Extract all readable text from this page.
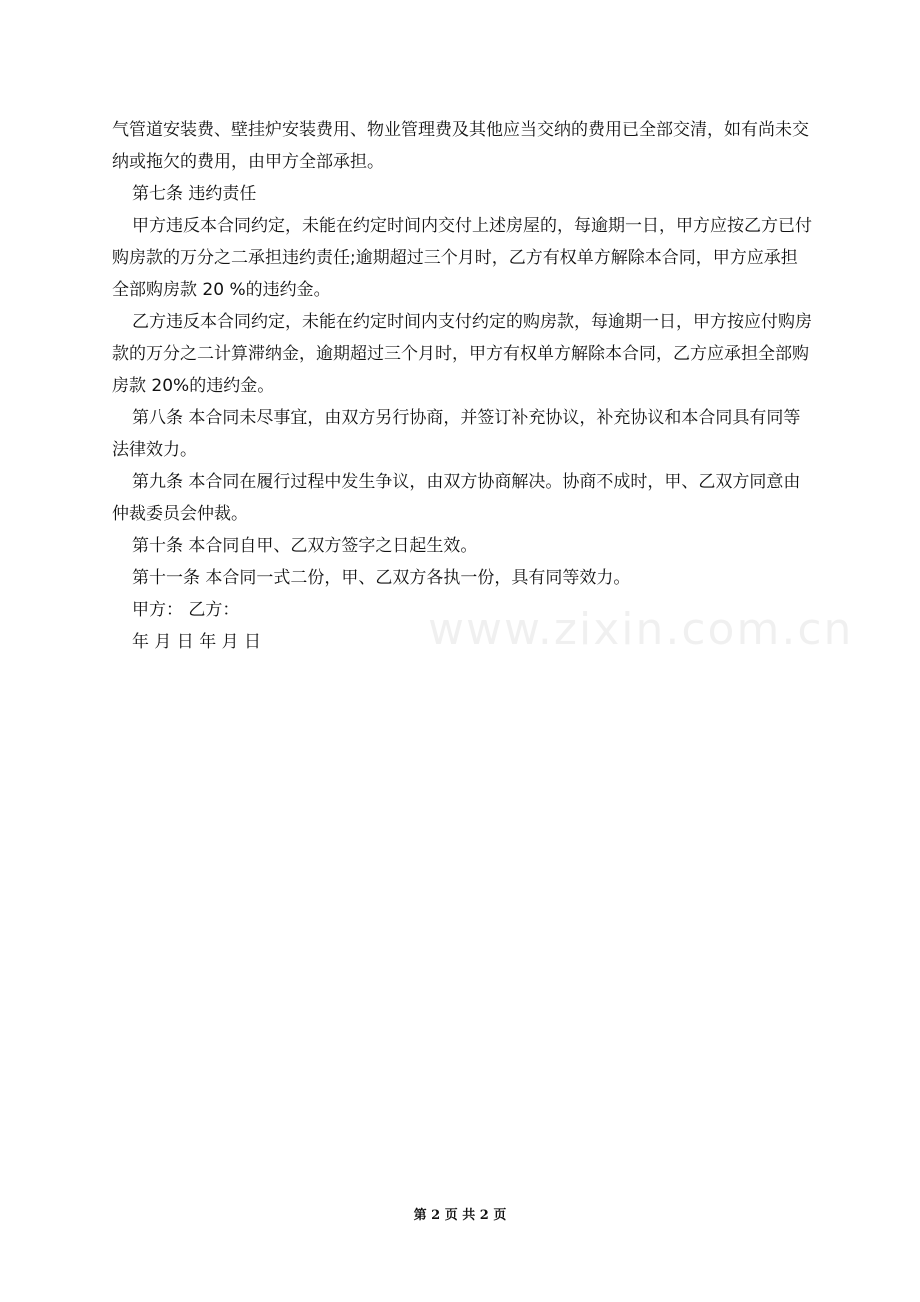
气管道安装费、壁挂炉安装费用、物业管理费及其他应当交纳的费用已全部交清，如有尚未交纳或拖欠的费用，由甲方全部承担。

第七条 违约责任

甲方违反本合同约定，未能在约定时间内交付上述房屋的，每逾期一日，甲方应按乙方已付购房款的万分之二承担违约责任;逾期超过三个月时，乙方有权单方解除本合同，甲方应承担全部购房款 20 %的违约金。

乙方违反本合同约定，未能在约定时间内支付约定的购房款，每逾期一日，甲方按应付购房款的万分之二计算滞纳金，逾期超过三个月时，甲方有权单方解除本合同，乙方应承担全部购房款 20%的违约金。

第八条 本合同未尽事宜，由双方另行协商，并签订补充协议，补充协议和本合同具有同等法律效力。

第九条 本合同在履行过程中发生争议，由双方协商解决。协商不成时，甲、乙双方同意由仲裁委员会仲裁。

第十条 本合同自甲、乙双方签字之日起生效。

第十一条 本合同一式二份，甲、乙双方各执一份，具有同等效力。

甲方： 乙方：

年 月 日 年 月 日	www.zixin.com.cn
第 2 页 共 2 页
